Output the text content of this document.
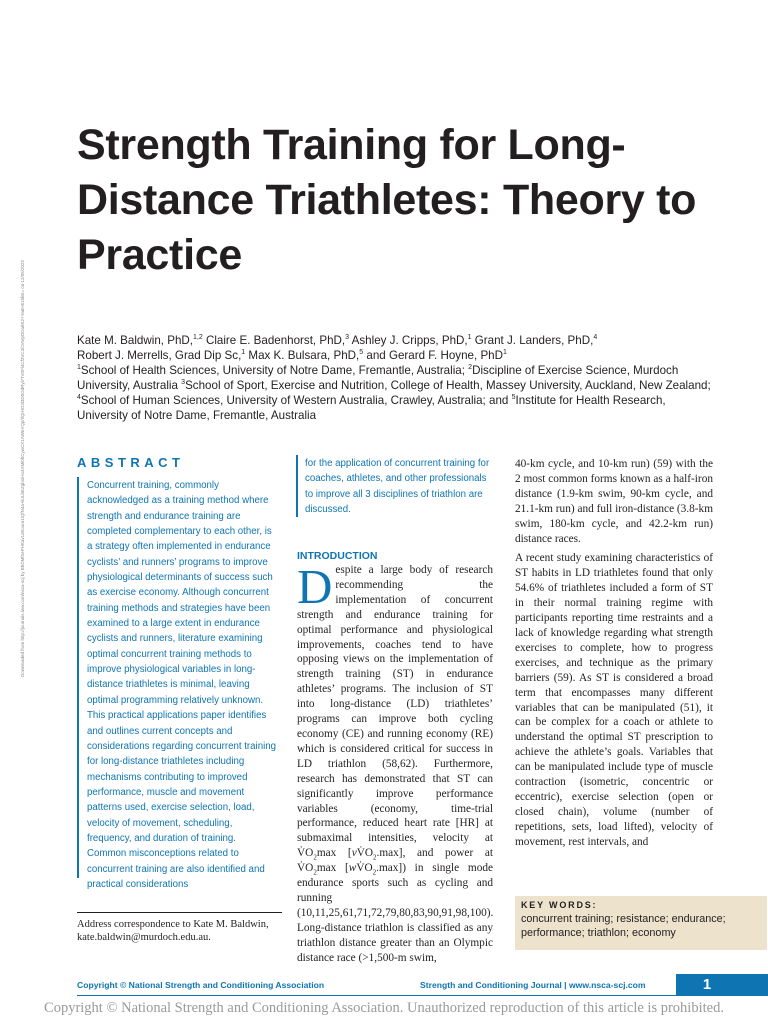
Downloaded from http://journals.lww.com/nsca-scj by BhDMf5ePHKav1zEoum1tQfN4a+kJLhEZgbsIHo4XMi0hCywCX1AWnYQp/IlQrHD3i3D0OdRyi7TvSFl4Cf3VC4/OAVpDDa8K2+Ya6H515kE= on 12/05/2022
Strength Training for Long-Distance Triathletes: Theory to Practice

Kate M. Baldwin, PhD,$^{1,2}$ Claire E. Badenhorst, PhD,$^3$ Ashley J. Cripps, PhD,$^1$ Grant J. Landers, PhD,$^4$

Robert J. Merrells, Grad Dip Sc,$^1$ Max K. Bulsara, PhD,$^5$ and Gerard F. Hoyne, PhD$^1$

$^1$School of Health Sciences, University of Notre Dame, Fremantle, Australia; $^2$Discipline of Exercise Science, Murdoch University, Australia $^3$School of Sport, Exercise and Nutrition, College of Health, Massey University, Auckland, New Zealand; $^4$School of Human Sciences, University of Western Australia, Crawley, Australia; and $^5$Institute for Health Research, University of Notre Dame, Fremantle, Australia

ABSTRACT

Concurrent training, commonly acknowledged as a training method where strength and endurance training are completed complementary to each other, is a strategy often implemented in endurance cyclists’ and runners’ programs to improve physiological determinants of success such as exercise economy. Although concurrent training methods and strategies have been examined to a large extent in endurance cyclists and runners, literature examining optimal concurrent training methods to improve physiological variables in long-distance triathletes is minimal, leaving optimal programming relatively unknown. This practical applications paper identifies and outlines current concepts and considerations regarding concurrent training for long-distance triathletes including mechanisms contributing to improved performance, muscle and movement patterns used, exercise selection, load, velocity of movement, scheduling, frequency, and duration of training. Common misconceptions related to concurrent training are also identified and practical considerations

for the application of concurrent training for coaches, athletes, and other professionals to improve all 3 disciplines of triathlon are discussed.

Address correspondence to Kate M. Baldwin, kate.baldwin@murdoch.edu.au.
INTRODUCTION

Despite a large body of research recommending the implementation of concurrent strength and endurance training for optimal performance and physiological improvements, coaches tend to have opposing views on the implementation of strength training (ST) in endurance athletes’ programs. The inclusion of ST into long-distance (LD) triathletes’ programs can improve both cycling economy (CE) and running economy (RE) which is considered critical for success in LD triathlon (58,62). Furthermore, research has demonstrated that ST can significantly improve performance variables (economy, time-trial performance, reduced heart rate [HR] at submaximal intensities, velocity at $V̇O_2\max$ $[vV̇O_2.\max]$, and power at $V̇O_2\max$ $[wV̇O_2.\max]$) in single mode endurance sports such as cycling and running (10,11,25,61,71,72,79,80,83,90,91,98,100). Long-distance triathlon is classified as any triathlon distance greater than an Olympic distance race (>1,500-m swim,

40-km cycle, and 10-km run) (59) with the 2 most common forms known as a half-iron distance (1.9-km swim, 90-km cycle, and 21.1-km run) and full iron-distance (3.8-km swim, 180-km cycle, and 42.2-km run) distance races.

A recent study examining characteristics of ST habits in LD triathletes found that only 54.6% of triathletes included a form of ST in their normal training regime with participants reporting time restraints and a lack of knowledge regarding what strength exercises to complete, how to progress exercises, and technique as the primary barriers (59). As ST is considered a broad term that encompasses many different variables that can be manipulated (51), it can be complex for a coach or athlete to understand the optimal ST prescription to achieve the athlete’s goals. Variables that can be manipulated include type of muscle contraction (isometric, concentric or eccentric), exercise selection (open or closed chain), volume (number of repetitions, sets, load lifted), velocity of movement, rest intervals, and

KEY WORDS:

concurrent training; resistance; endurance; performance; triathlon; economy

Copyright © National Strength and Conditioning Association	Strength and Conditioning Journal | www.nsca-scj.com	1
Copyright © National Strength and Conditioning Association. Unauthorized reproduction of this article is prohibited.
